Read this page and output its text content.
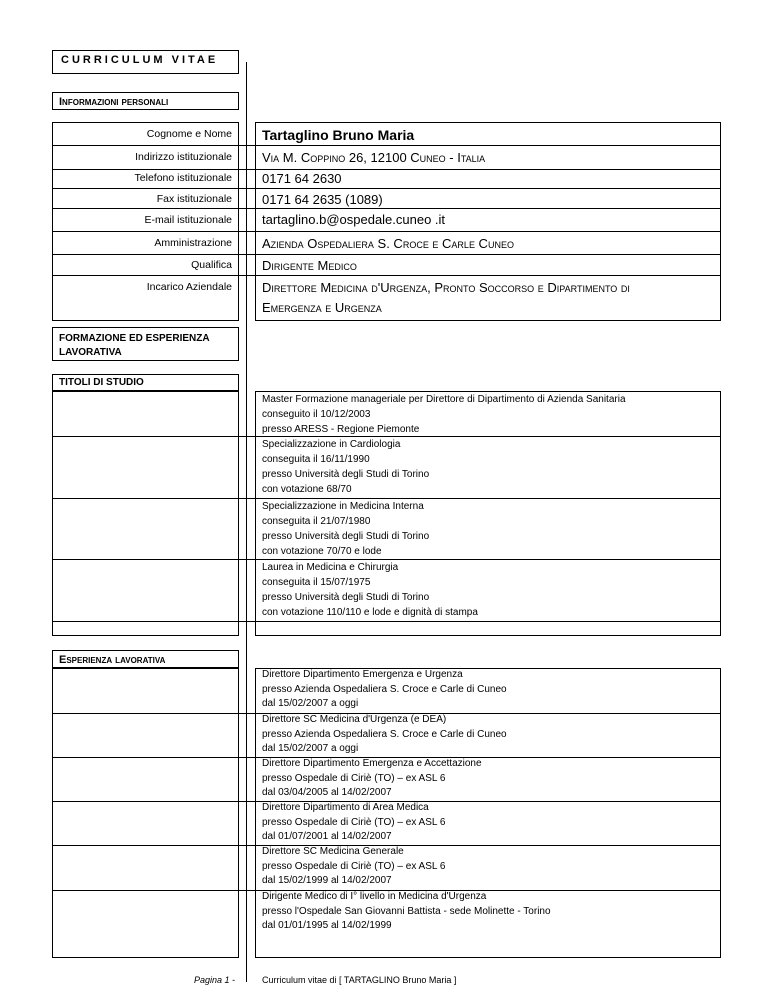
CURRICULUM VITAE
Informazioni personali
Cognome e Nome Tartaglino Bruno Maria
Indirizzo istituzionale Via M. Coppino 26, 12100 Cuneo - Italia
Telefono istituzionale 0171 64 2630
Fax istituzionale 0171 64 2635 (1089)
E-mail istituzionale tartaglino.b@ospedale.cuneo .it
Amministrazione Azienda Ospedaliera S. Croce e Carle Cuneo
Qualifica Dirigente Medico
Incarico Aziendale Direttore Medicina d'Urgenza, Pronto Soccorso e Dipartimento di
Emergenza e Urgenza
FORMAZIONE ED ESPERIENZA
LAVORATIVA
TITOLI DI STUDIO
Master Formazione manageriale per Direttore di Dipartimento di Azienda Sanitaria
conseguito il 10/12/2003
presso ARESS - Regione Piemonte
Specializzazione in Cardiologia
conseguita il 16/11/1990
presso Università degli Studi di Torino
con votazione 68/70
Specializzazione in Medicina Interna
conseguita il 21/07/1980
presso Università degli Studi di Torino
con votazione 70/70 e lode
Laurea in Medicina e Chirurgia
conseguita il 15/07/1975
presso Università degli Studi di Torino
con votazione 110/110 e lode e dignità di stampa
Esperienza lavorativa
Direttore Dipartimento Emergenza e Urgenza
presso Azienda Ospedaliera S. Croce e Carle di Cuneo
dal 15/02/2007 a oggi
Direttore SC Medicina d'Urgenza (e DEA)
presso Azienda Ospedaliera S. Croce e Carle di Cuneo
dal 15/02/2007 a oggi
Direttore Dipartimento Emergenza e Accettazione
presso Ospedale di Ciriè (TO) – ex ASL 6
dal 03/04/2005 al 14/02/2007
Direttore Dipartimento di Area Medica
presso Ospedale di Ciriè (TO) – ex ASL 6
dal 01/07/2001 al 14/02/2007
Direttore SC Medicina Generale
presso Ospedale di Ciriè (TO) – ex ASL 6
dal 15/02/1999 al 14/02/2007
Dirigente Medico di I° livello in Medicina d'Urgenza
presso l'Ospedale San Giovanni Battista - sede Molinette - Torino
dal 01/01/1995 al 14/02/1999
Pagina 1 -	Curriculum vitae di [ TARTAGLINO Bruno Maria ]
